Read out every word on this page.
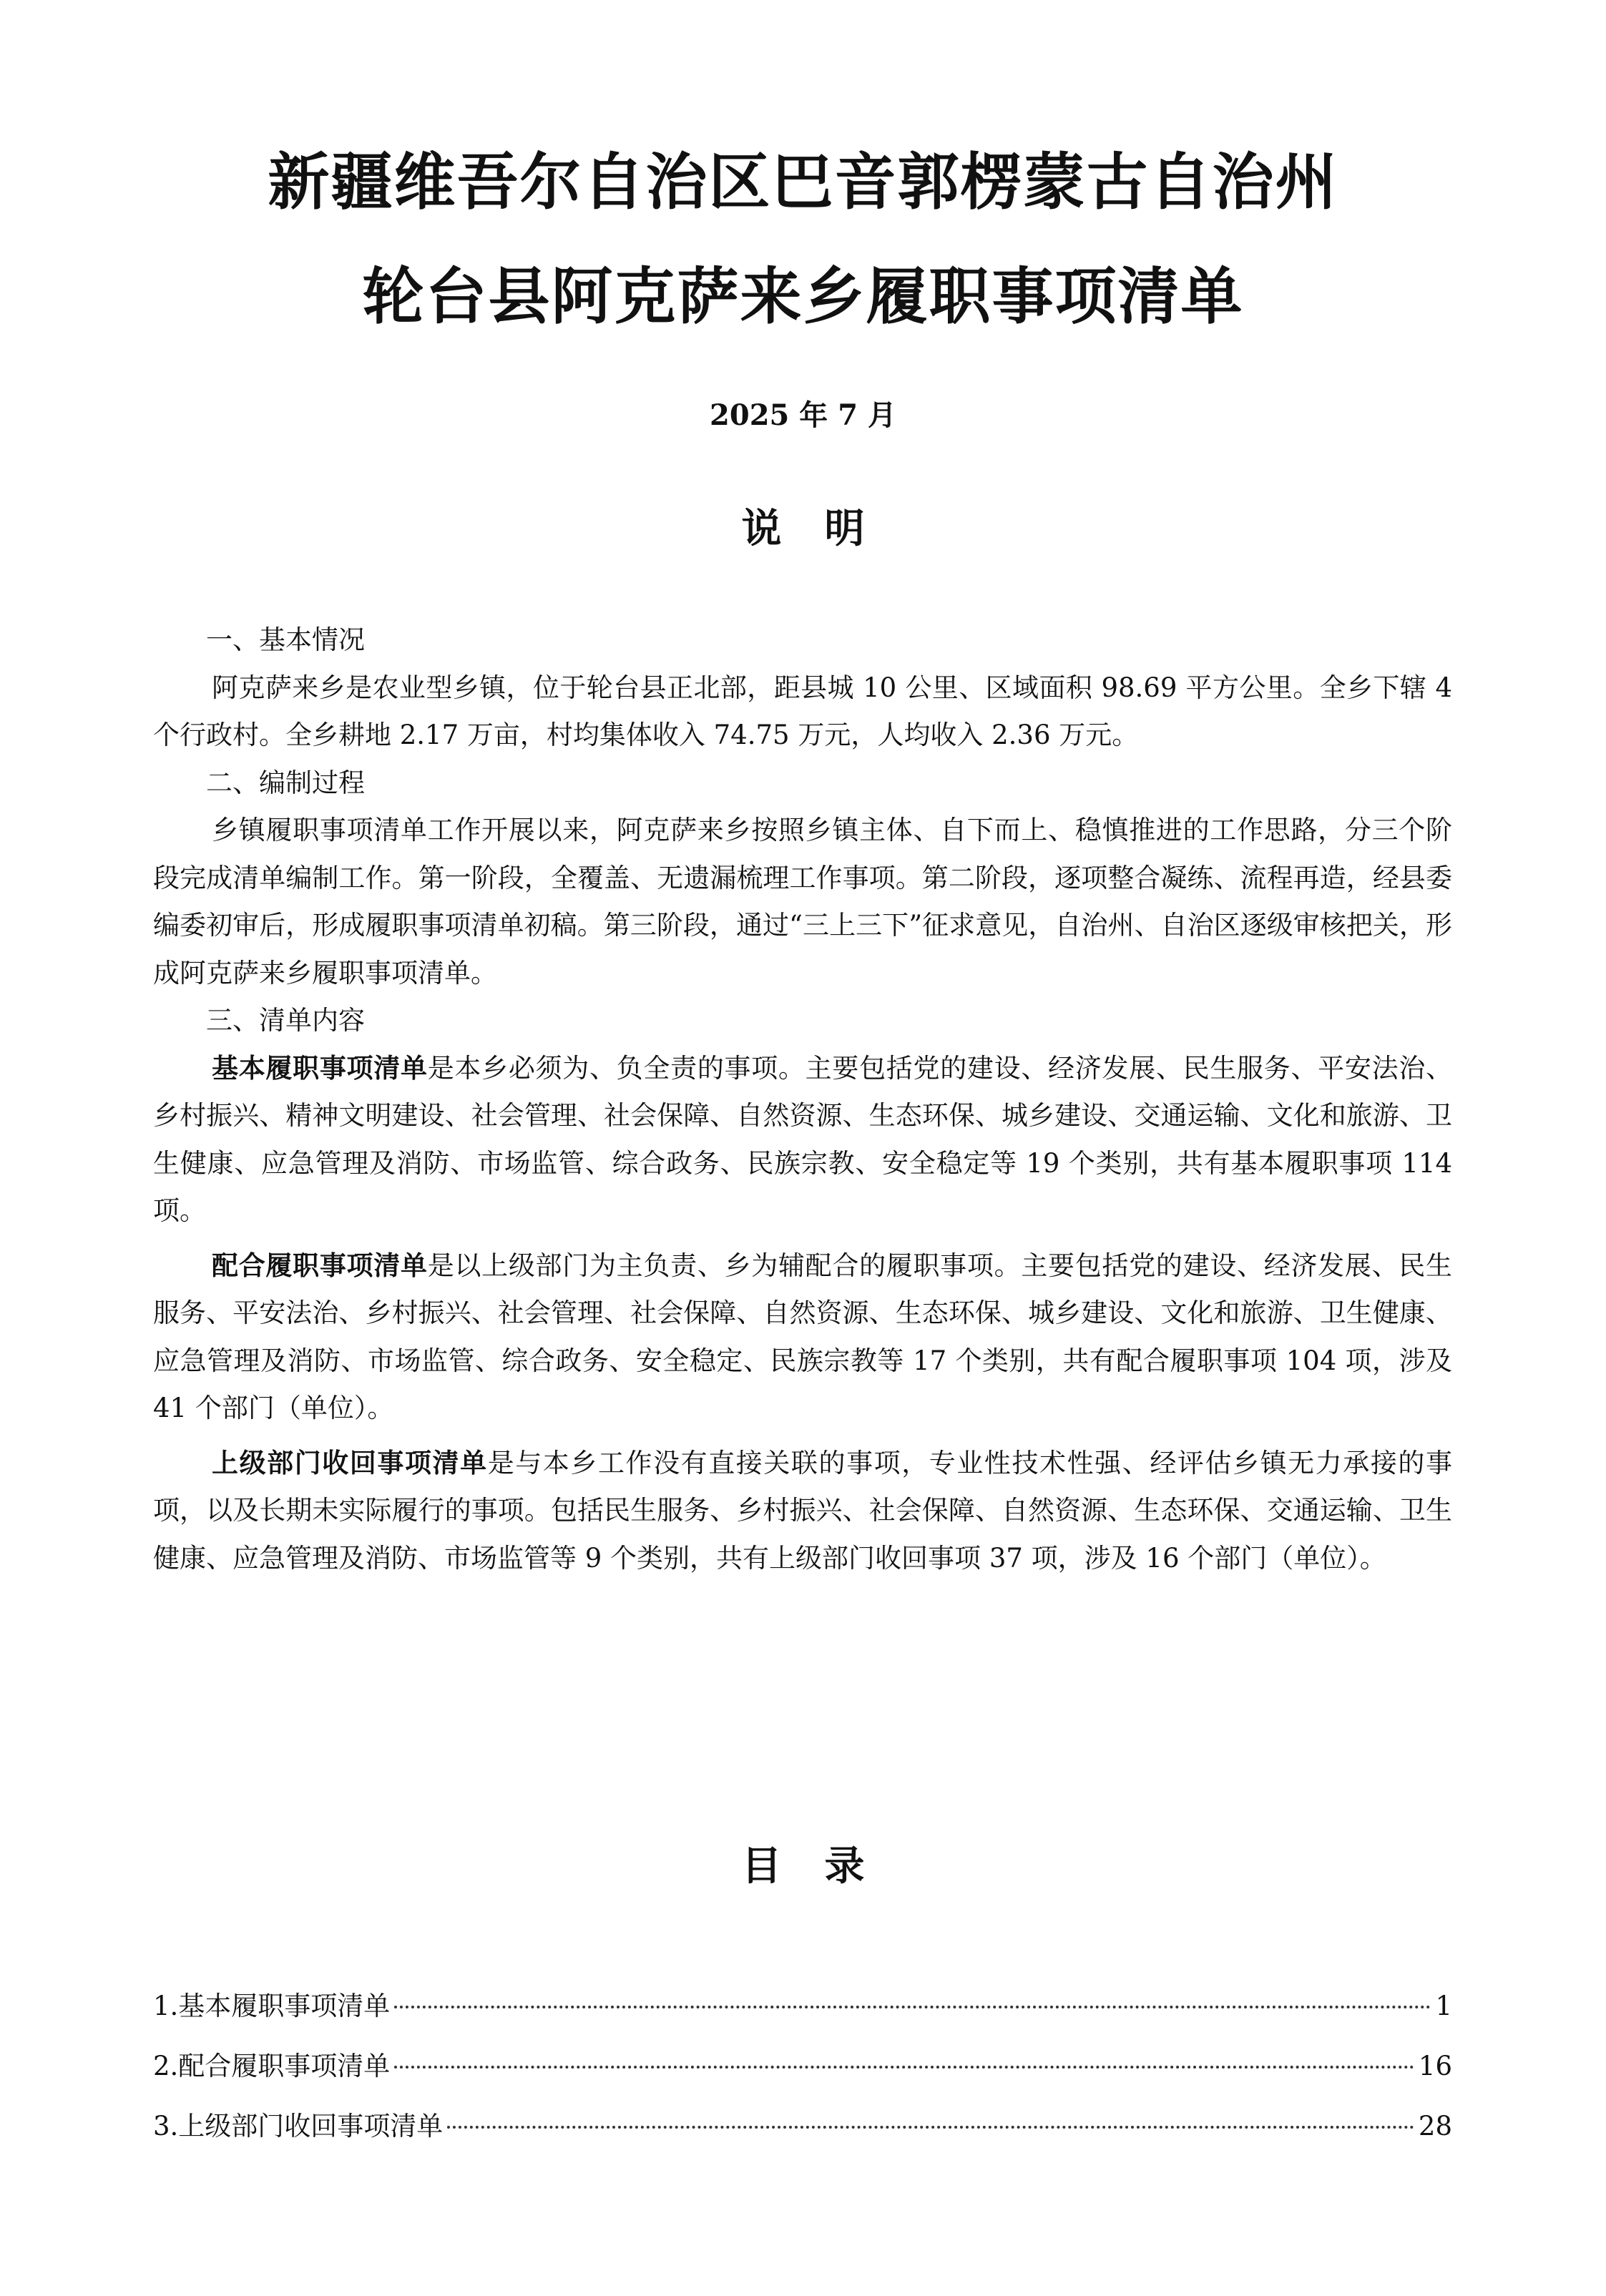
新疆维吾尔自治区巴音郭楞蒙古自治州
轮台县阿克萨来乡履职事项清单
2025 年 7 月
说明
一、基本情况

阿克萨来乡是农业型乡镇，位于轮台县正北部，距县城 10 公里、区域面积 98.69 平方公里。全乡下辖 4 个行政村。全乡耕地 2.17 万亩，村均集体收入 74.75 万元，人均收入 2.36 万元。

二、编制过程

乡镇履职事项清单工作开展以来，阿克萨来乡按照乡镇主体、自下而上、稳慎推进的工作思路，分三个阶段完成清单编制工作。第一阶段，全覆盖、无遗漏梳理工作事项。第二阶段，逐项整合凝练、流程再造，经县委编委初审后，形成履职事项清单初稿。第三阶段，通过“三上三下”征求意见，自治州、自治区逐级审核把关，形成阿克萨来乡履职事项清单。

三、清单内容

基本履职事项清单是本乡必须为、负全责的事项。主要包括党的建设、经济发展、民生服务、平安法治、乡村振兴、精神文明建设、社会管理、社会保障、自然资源、生态环保、城乡建设、交通运输、文化和旅游、卫生健康、应急管理及消防、市场监管、综合政务、民族宗教、安全稳定等 19 个类别，共有基本履职事项 114 项。

配合履职事项清单是以上级部门为主负责、乡为辅配合的履职事项。主要包括党的建设、经济发展、民生服务、平安法治、乡村振兴、社会管理、社会保障、自然资源、生态环保、城乡建设、文化和旅游、卫生健康、应急管理及消防、市场监管、综合政务、安全稳定、民族宗教等 17 个类别，共有配合履职事项 104 项，涉及 41 个部门（单位）。

上级部门收回事项清单是与本乡工作没有直接关联的事项，专业性技术性强、经评估乡镇无力承接的事项，以及长期未实际履行的事项。包括民生服务、乡村振兴、社会保障、自然资源、生态环保、交通运输、卫生健康、应急管理及消防、市场监管等 9 个类别，共有上级部门收回事项 37 项，涉及 16 个部门（单位）。

目录
1.基本履职事项清单	1
2.配合履职事项清单	16
3.上级部门收回事项清单	28
